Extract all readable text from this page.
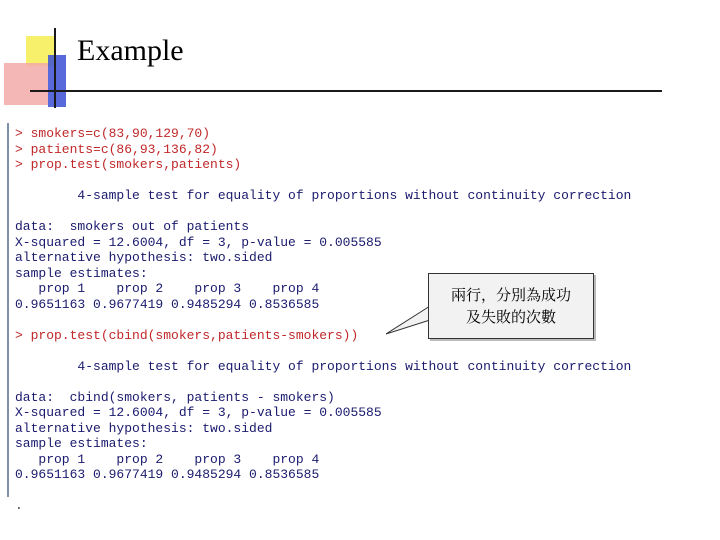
Example
> smokers=c(83,90,129,70)
> patients=c(86,93,136,82)
> prop.test(smokers,patients)
4-sample test for equality of proportions without continuity correction
data:  smokers out of patients
X-squared = 12.6004, df = 3, p-value = 0.005585
alternative hypothesis: two.sided
sample estimates:
prop 1    prop 2    prop 3    prop 4
0.9651163 0.9677419 0.9485294 0.8536585
> prop.test(cbind(smokers,patients-smokers))
4-sample test for equality of proportions without continuity correction
data:  cbind(smokers, patients - smokers)
X-squared = 12.6004, df = 3, p-value = 0.005585
alternative hypothesis: two.sided
sample estimates:
prop 1    prop 2    prop 3    prop 4
0.9651163 0.9677419 0.9485294 0.8536585
.
兩行，分別為成功
及失敗的次數
